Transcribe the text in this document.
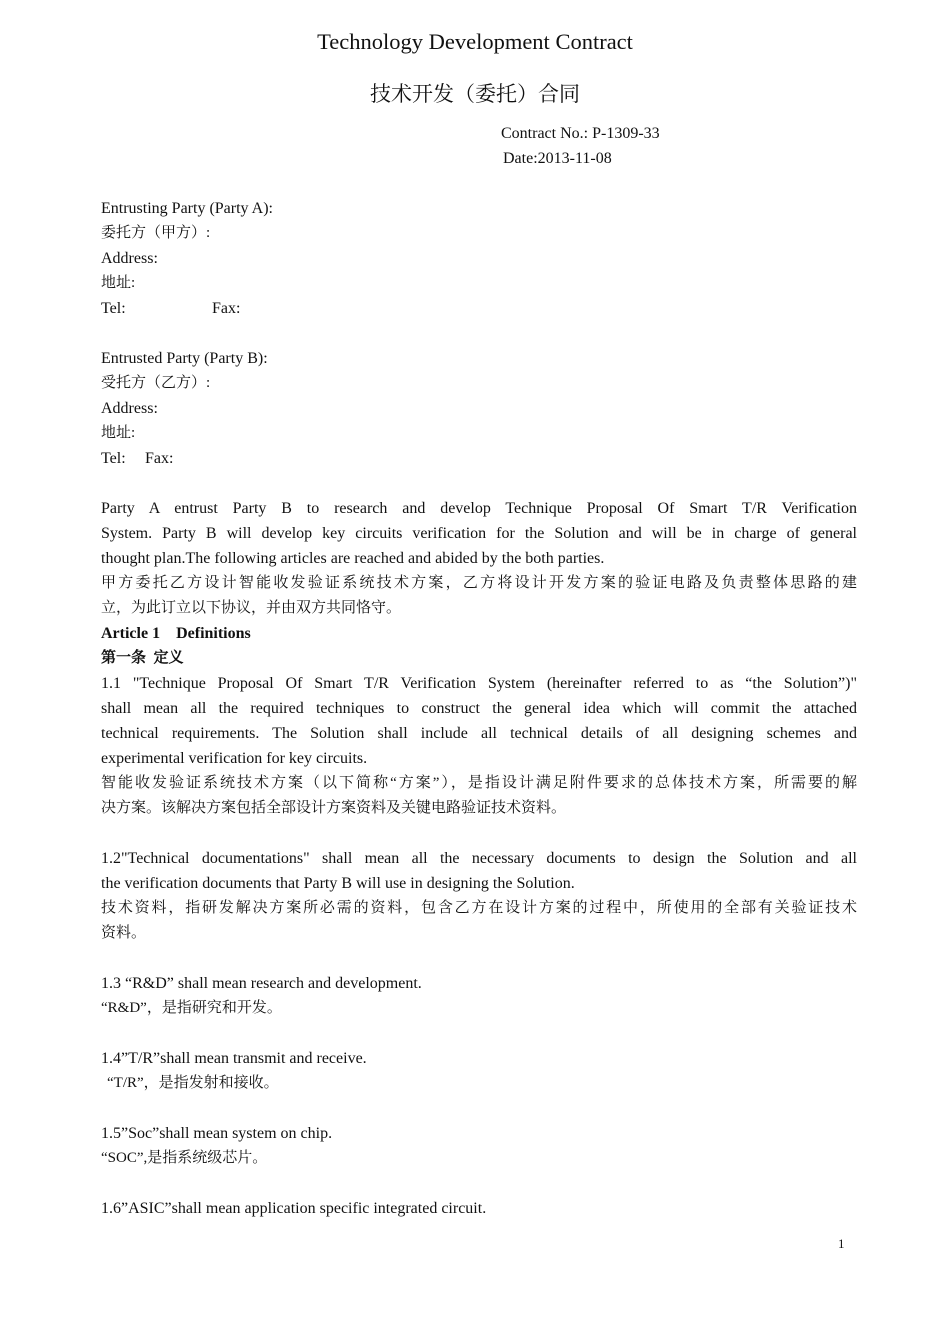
Technology Development Contract
技术开发（委托）合同
Contract No.: P-1309-33
Date:2013-11-08
Entrusting Party (Party A):
委托方（甲方）:
Address:
地址:
Tel:	Fax:
Entrusted Party (Party B):
受托方（乙方）:
Address:
地址:
Tel: Fax:
Party A entrust Party B to research and develop Technique Proposal Of Smart T/R Verification
System. Party B will develop key circuits verification for the Solution and will be in charge of general
thought plan.The following articles are reached and abided by the both parties.
甲方委托乙方设计智能收发验证系统技术方案，乙方将设计开发方案的验证电路及负责整体思路的建
立，为此订立以下协议，并由双方共同恪守。
Article 1    Definitions
第一条  定义
1.1 "Technique Proposal Of Smart T/R Verification System (hereinafter referred to as “the Solution”)"
shall mean all the required techniques to construct the general idea which will commit the attached
technical requirements. The Solution shall include all technical details of all designing schemes and
experimental verification for key circuits.
智能收发验证系统技术方案（以下简称“方案”），是指设计满足附件要求的总体技术方案，所需要的解
决方案。该解决方案包括全部设计方案资料及关键电路验证技术资料。
1.2"Technical documentations" shall mean all the necessary documents to design the Solution and all
the verification documents that Party B will use in designing the Solution.
技术资料，指研发解决方案所必需的资料，包含乙方在设计方案的过程中，所使用的全部有关验证技术
资料。
1.3 “R&D” shall mean research and development.
“R&D”，是指研究和开发。
1.4”T/R”shall mean transmit and receive.
“T/R”，是指发射和接收。
1.5”Soc”shall mean system on chip.
“SOC”,是指系统级芯片。
1.6”ASIC”shall mean application specific integrated circuit.
1
